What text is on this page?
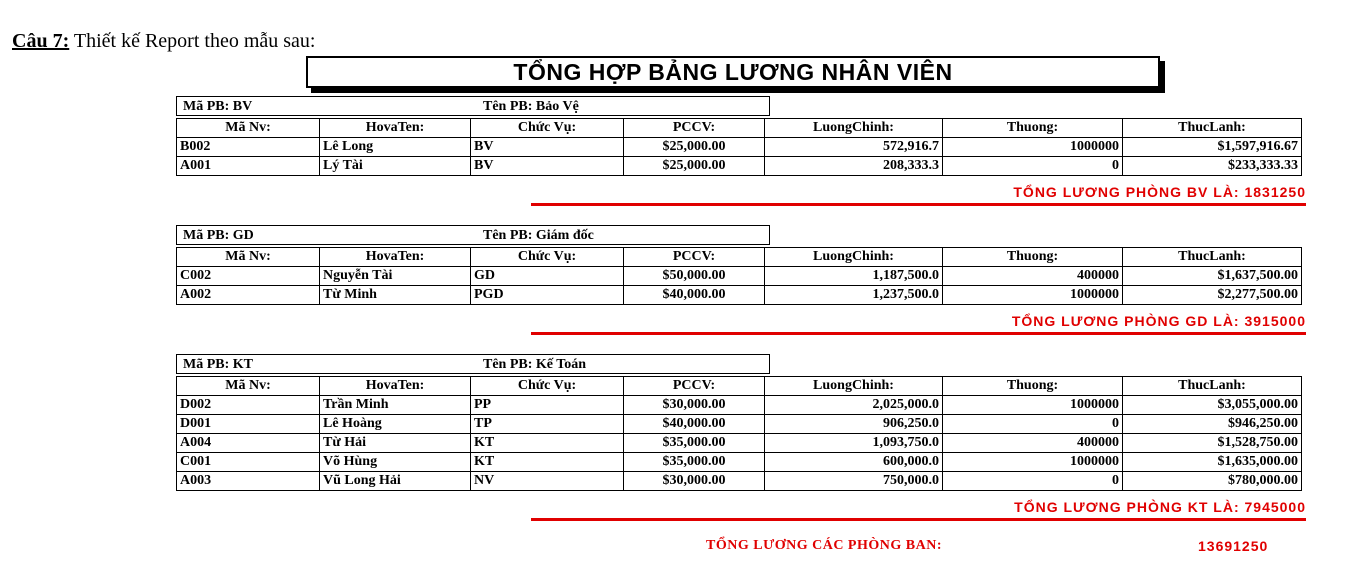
Câu 7: Thiết kế Report theo mẫu sau:
TỔNG HỢP BẢNG LƯƠNG NHÂN VIÊN
Mã PB: BV	Tên PB: Bảo Vệ
Mã Nv:	HovaTen:	Chức Vụ:	PCCV:	LuongChinh:	Thuong:	ThucLanh:
B002	Lê Long	BV	$25,000.00	572,916.7	1000000	$1,597,916.67
A001	Lý Tài	BV	$25,000.00	208,333.3	0	$233,333.33
TỔNG LƯƠNG PHÒNG BV LÀ: 1831250
Mã PB: GD	Tên PB: Giám đốc
Mã Nv:	HovaTen:	Chức Vụ:	PCCV:	LuongChinh:	Thuong:	ThucLanh:
C002	Nguyễn Tài	GD	$50,000.00	1,187,500.0	400000	$1,637,500.00
A002	Từ Minh	PGD	$40,000.00	1,237,500.0	1000000	$2,277,500.00
TỔNG LƯƠNG PHÒNG GD LÀ: 3915000
Mã PB: KT	Tên PB: Kế Toán
Mã Nv:	HovaTen:	Chức Vụ:	PCCV:	LuongChinh:	Thuong:	ThucLanh:
D002	Trần Minh	PP	$30,000.00	2,025,000.0	1000000	$3,055,000.00
D001	Lê Hoàng	TP	$40,000.00	906,250.0	0	$946,250.00
A004	Từ Hải	KT	$35,000.00	1,093,750.0	400000	$1,528,750.00
C001	Võ Hùng	KT	$35,000.00	600,000.0	1000000	$1,635,000.00
A003	Vũ Long Hải	NV	$30,000.00	750,000.0	0	$780,000.00
TỔNG LƯƠNG PHÒNG KT LÀ: 7945000
TỔNG LƯƠNG CÁC PHÒNG BAN:	13691250
